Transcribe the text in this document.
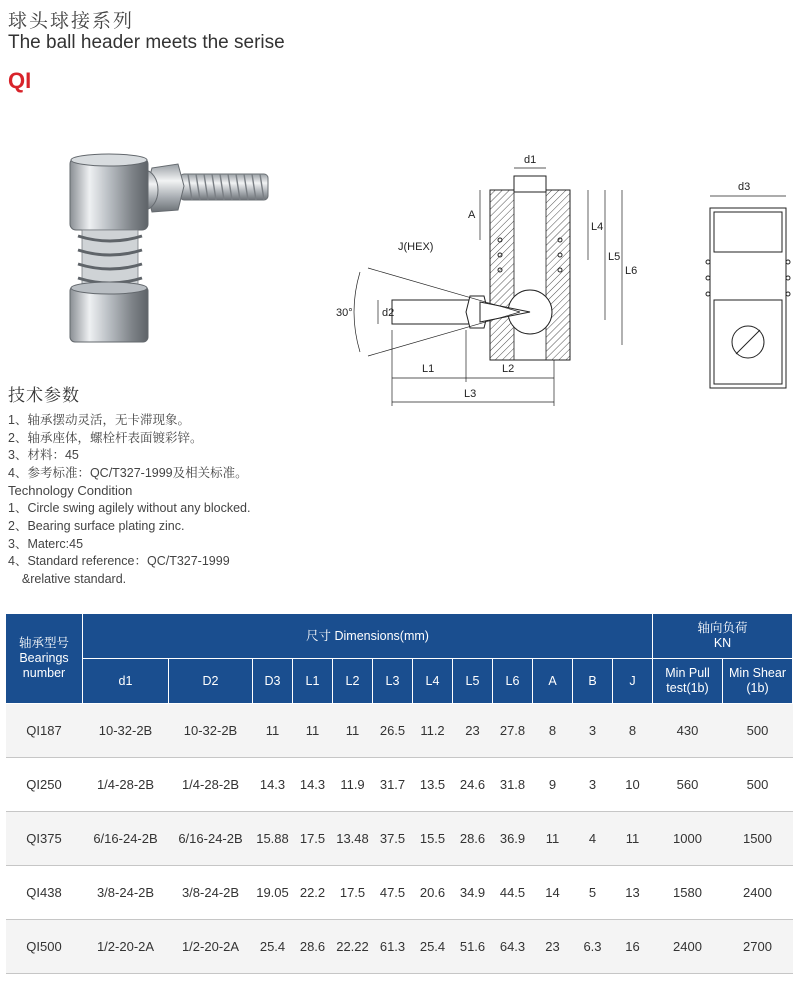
球头球接系列
The ball header meets the serise
QI
d1
d3
A
J(HEX)
30°	d2
L1	L2
L3
L4
L5
L6
技术参数
1、轴承摆动灵活，无卡滞现象。
2、轴承座体，螺栓杆表面镀彩锌。
3、材料：45
4、参考标准：QC/T327-1999及相关标准。
Technology Condition
1、Circle swing agilely without any blocked.
2、Bearing surface plating zinc.
3、Materc:45
4、Standard reference：QC/T327-1999
&relative standard.
轴承型号
Bearings number	尺寸 Dimensions(mm)												轴向负荷
KN	
	d1	D2	D3	L1	L2	L3	L4	L5	L6	A	B	J	Min Pull
test(1b)	Min Shear
(1b)
QI187	10-32-2B	10-32-2B	11	11	11	26.5	11.2	23	27.8	8	3	8	430	500
QI250	1/4-28-2B	1/4-28-2B	14.3	14.3	11.9	31.7	13.5	24.6	31.8	9	3	10	560	500
QI375	6/16-24-2B	6/16-24-2B	15.88	17.5	13.48	37.5	15.5	28.6	36.9	11	4	11	1000	1500
QI438	3/8-24-2B	3/8-24-2B	19.05	22.2	17.5	47.5	20.6	34.9	44.5	14	5	13	1580	2400
QI500	1/2-20-2A	1/2-20-2A	25.4	28.6	22.22	61.3	25.4	51.6	64.3	23	6.3	16	2400	2700
